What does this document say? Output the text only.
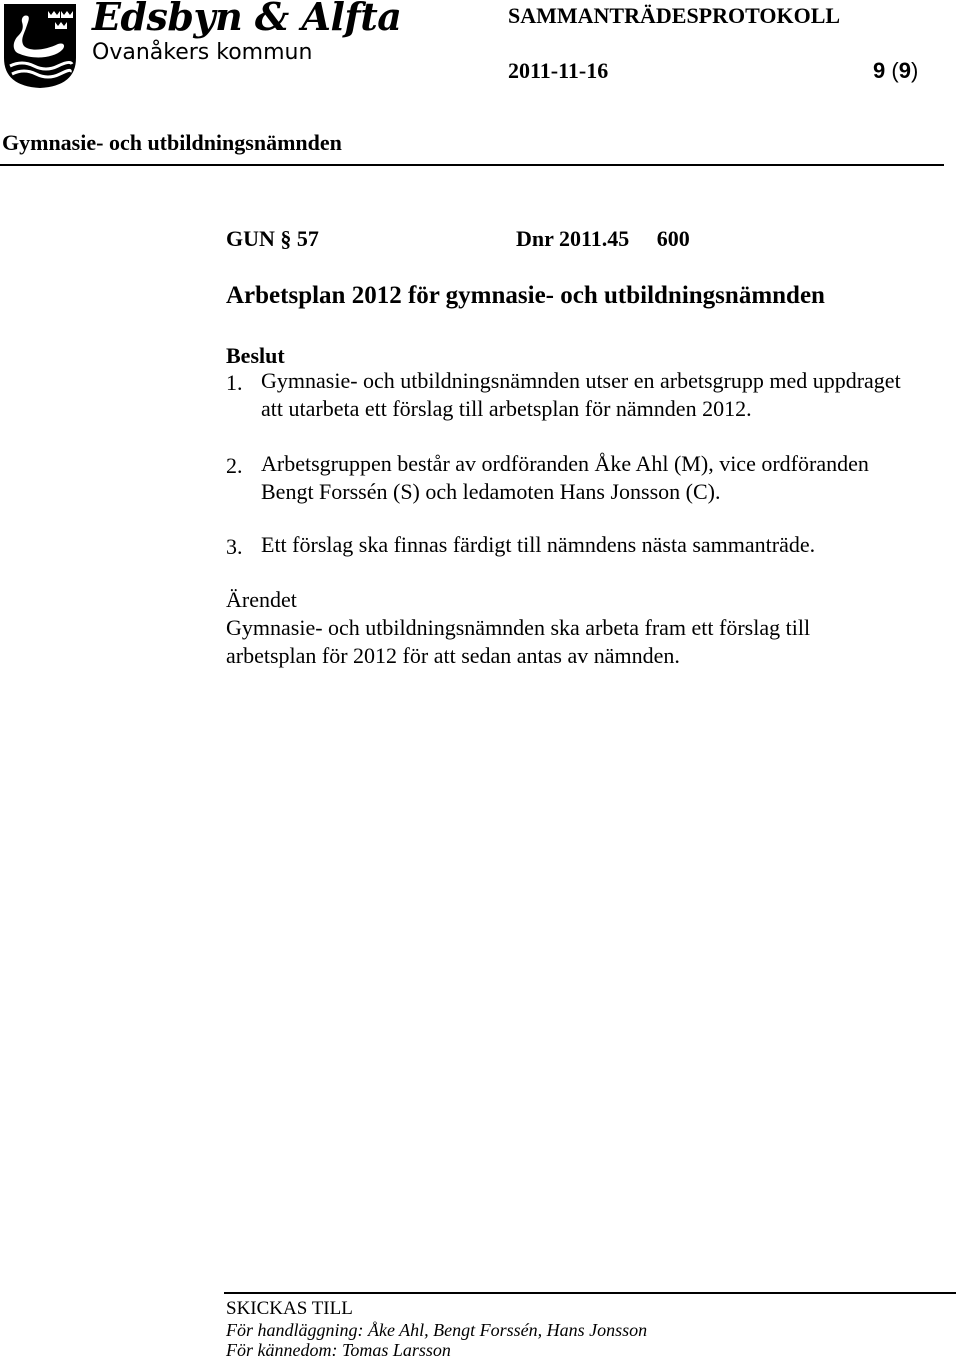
Edsbyn & Alfta
Ovanåkers kommun
SAMMANTRÄDESPROTOKOLL
2011-11-16	9 (9)
Gymnasie- och utbildningsnämnden
GUN § 57	Dnr 2011.45     600
Arbetsplan 2012 för gymnasie- och utbildningsnämnden
Beslut
1. Gymnasie- och utbildningsnämnden utser en arbetsgrupp med uppdraget
att utarbeta ett förslag till arbetsplan för nämnden 2012.
2. Arbetsgruppen består av ordföranden Åke Ahl (M), vice ordföranden
Bengt Forssén (S) och ledamoten Hans Jonsson (C).
3. Ett förslag ska finnas färdigt till nämndens nästa sammanträde.
Ärendet
Gymnasie- och utbildningsnämnden ska arbeta fram ett förslag till
arbetsplan för 2012 för att sedan antas av nämnden.
SKICKAS TILL
För handläggning: Åke Ahl, Bengt Forssén, Hans Jonsson
För kännedom: Tomas Larsson
